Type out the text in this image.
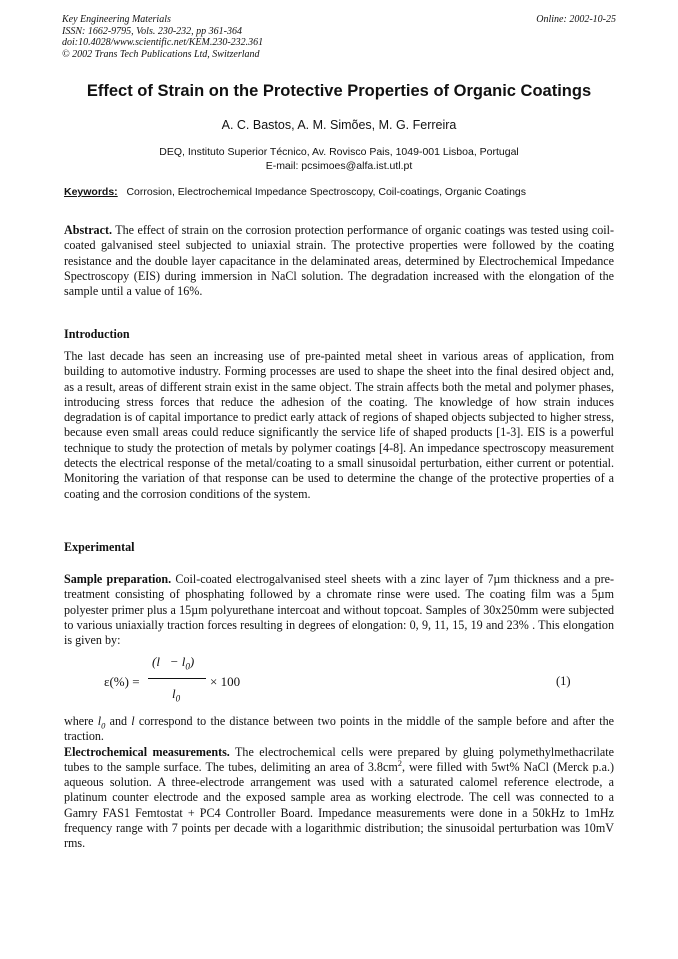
Key Engineering Materials
ISSN: 1662-9795, Vols. 230-232, pp 361-364
doi:10.4028/www.scientific.net/KEM.230-232.361
© 2002 Trans Tech Publications Ltd, Switzerland
Online: 2002-10-25
Effect of Strain on the Protective Properties of Organic Coatings
A. C. Bastos, A. M. Simões, M. G. Ferreira
DEQ, Instituto Superior Técnico, Av. Rovisco Pais, 1049-001 Lisboa, Portugal
E-mail: pcsimoes@alfa.ist.utl.pt
Keywords: Corrosion, Electrochemical Impedance Spectroscopy, Coil-coatings, Organic Coatings
Abstract. The effect of strain on the corrosion protection performance of organic coatings was tested using coil-coated galvanised steel subjected to uniaxial strain. The protective properties were followed by the coating resistance and the double layer capacitance in the delaminated areas, determined by Electrochemical Impedance Spectroscopy (EIS) during immersion in NaCl solution. The degradation increased with the elongation of the sample until a value of 16%.
Introduction
The last decade has seen an increasing use of pre-painted metal sheet in various areas of application, from building to automotive industry. Forming processes are used to shape the sheet into the final desired object and, as a result, areas of different strain exist in the same object. The strain affects both the metal and polymer phases, introducing stress forces that reduce the adhesion of the coating. The knowledge of how strain induces degradation is of capital importance to predict early attack of regions of shaped objects subjected to higher stress, because even small areas could reduce significantly the service life of shaped products [1-3]. EIS is a powerful technique to study the protection of metals by polymer coatings [4-8]. An impedance spectroscopy measurement detects the electrical response of the metal/coating to a small sinusoidal perturbation, either current or potential. Monitoring the variation of that response can be used to determine the change of the protective properties of a coating and the corrosion conditions of the system.
Experimental
Sample preparation. Coil-coated electrogalvanised steel sheets with a zinc layer of 7µm thickness and a pre-treatment consisting of phosphating followed by a chromate rinse were used. The coating film was a 5µm polyester primer plus a 15µm polyurethane intercoat and without topcoat. Samples of 30x250mm were subjected to various uniaxially traction forces resulting in degrees of elongation: 0, 9, 11, 15, 19 and 23% . This elongation is given by:
ε(%) =
$(l - l_0)$
$l_0$
× 100	(1)
where $l_0$ and l correspond to the distance between two points in the middle of the sample before and after the traction.
Electrochemical measurements. The electrochemical cells were prepared by gluing polymethylmethacrilate tubes to the sample surface. The tubes, delimiting an area of $3.8cm^2$, were filled with 5wt% NaCl (Merck p.a.) aqueous solution. A three-electrode arrangement was used with a saturated calomel reference electrode, a platinum counter electrode and the exposed sample area as working electrode. The cell was connected to a Gamry FAS1 Femtostat + PC4 Controller Board. Impedance measurements were done in a 50kHz to 1mHz frequency range with 7 points per decade with a logarithmic distribution; the sinusoidal perturbation was 10mV rms.
